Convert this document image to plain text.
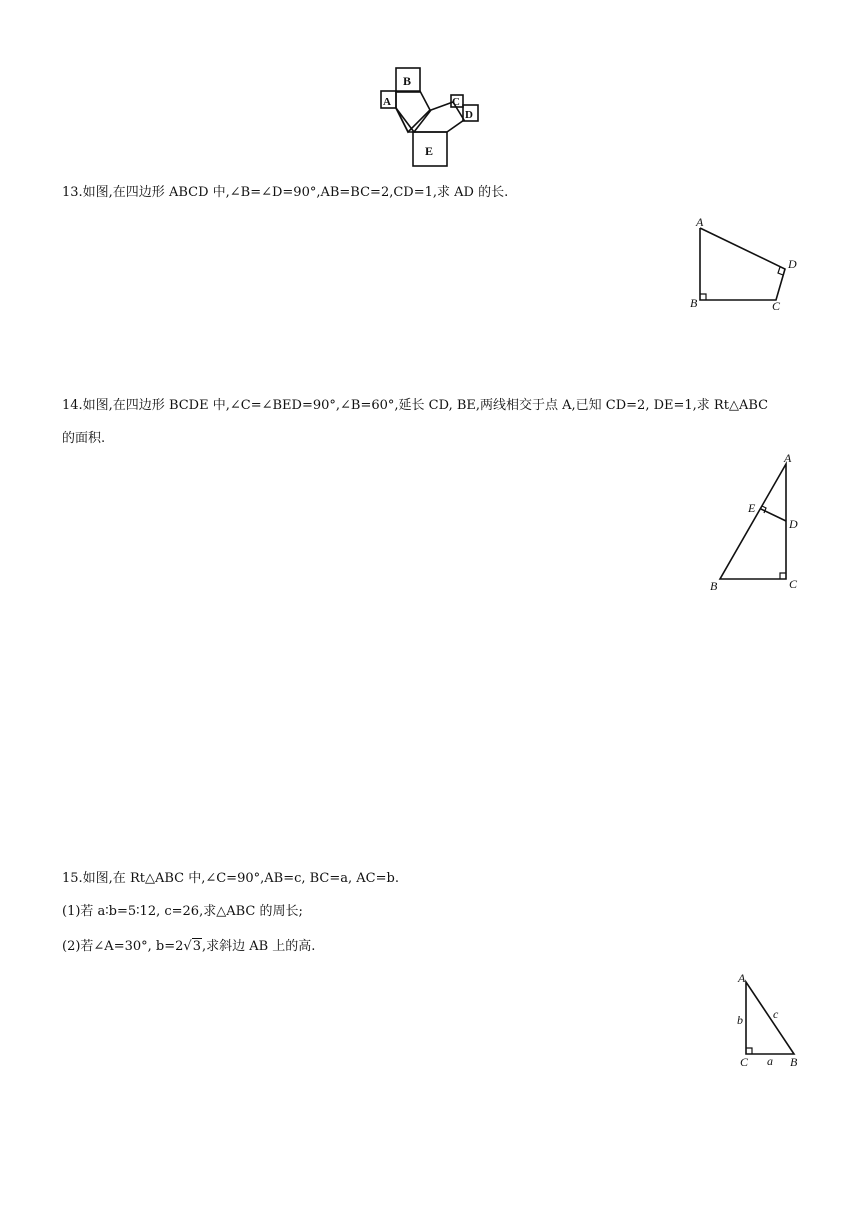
B
A	C
D
E
13.如图,在四边形 ABCD 中,∠B=∠D=90°,AB=BC=2,CD=1,求 AD 的长.
A
B	C
D
14.如图,在四边形 BCDE 中,∠C=∠BED=90°,∠B=60°,延长 CD, BE,两线相交于点 A,已知 CD=2, DE=1,求 Rt△ABC
的面积.
A
E
D
B	C
15.如图,在 Rt△ABC 中,∠C=90°,AB=c, BC=a, AC=b.
(1)若 a∶b=5∶12, c=26,求△ABC 的周长;
(2)若∠A=30°, b=2√3,求斜边 AB 上的高.
A
C	B
b	c
a
